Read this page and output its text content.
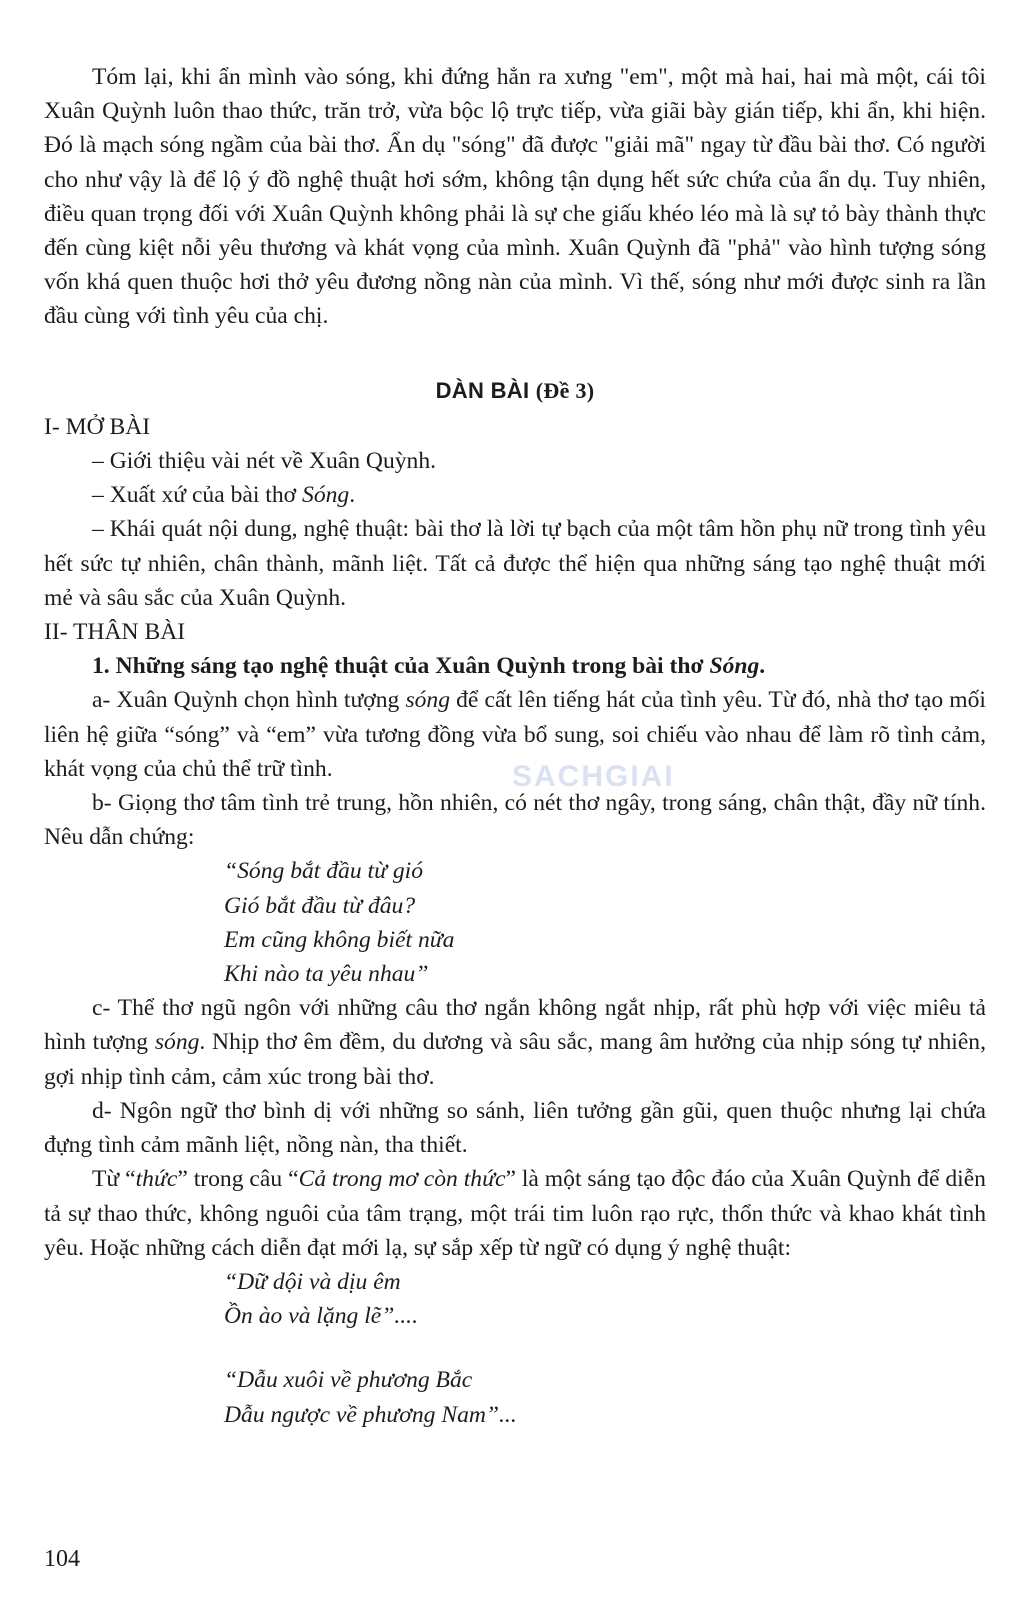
Tóm lại, khi ẩn mình vào sóng, khi đứng hẳn ra xưng "em", một mà hai, hai mà một, cái tôi Xuân Quỳnh luôn thao thức, trăn trở, vừa bộc lộ trực tiếp, vừa giãi bày gián tiếp, khi ẩn, khi hiện. Đó là mạch sóng ngầm của bài thơ. Ẩn dụ "sóng" đã được "giải mã" ngay từ đầu bài thơ. Có người cho như vậy là để lộ ý đồ nghệ thuật hơi sớm, không tận dụng hết sức chứa của ẩn dụ. Tuy nhiên, điều quan trọng đối với Xuân Quỳnh không phải là sự che giấu khéo léo mà là sự tỏ bày thành thực đến cùng kiệt nỗi yêu thương và khát vọng của mình. Xuân Quỳnh đã "phả" vào hình tượng sóng vốn khá quen thuộc hơi thở yêu đương nồng nàn của mình. Vì thế, sóng như mới được sinh ra lần đầu cùng với tình yêu của chị.

DÀN BÀI (Đề 3)

I- MỞ BÀI

– Giới thiệu vài nét về Xuân Quỳnh.

– Xuất xứ của bài thơ Sóng.

– Khái quát nội dung, nghệ thuật: bài thơ là lời tự bạch của một tâm hồn phụ nữ trong tình yêu hết sức tự nhiên, chân thành, mãnh liệt. Tất cả được thể hiện qua những sáng tạo nghệ thuật mới mẻ và sâu sắc của Xuân Quỳnh.

II- THÂN BÀI

1. Những sáng tạo nghệ thuật của Xuân Quỳnh trong bài thơ Sóng.

a- Xuân Quỳnh chọn hình tượng sóng để cất lên tiếng hát của tình yêu. Từ đó, nhà thơ tạo mối liên hệ giữa “sóng” và “em” vừa tương đồng vừa bổ sung, soi chiếu vào nhau để làm rõ tình cảm, khát vọng của chủ thể trữ tình.

b- Giọng thơ tâm tình trẻ trung, hồn nhiên, có nét thơ ngây, trong sáng, chân thật, đầy nữ tính. Nêu dẫn chứng:

“Sóng bắt đầu từ gió
Gió bắt đầu từ đâu?
Em cũng không biết nữa
Khi nào ta yêu nhau”

c- Thể thơ ngũ ngôn với những câu thơ ngắn không ngắt nhịp, rất phù hợp với việc miêu tả hình tượng sóng. Nhịp thơ êm đềm, du dương và sâu sắc, mang âm hưởng của nhịp sóng tự nhiên, gợi nhịp tình cảm, cảm xúc trong bài thơ.

d- Ngôn ngữ thơ bình dị với những so sánh, liên tưởng gần gũi, quen thuộc nhưng lại chứa đựng tình cảm mãnh liệt, nồng nàn, tha thiết.

Từ “thức” trong câu “Cả trong mơ còn thức” là một sáng tạo độc đáo của Xuân Quỳnh để diễn tả sự thao thức, không nguôi của tâm trạng, một trái tim luôn rạo rực, thổn thức và khao khát tình yêu. Hoặc những cách diễn đạt mới lạ, sự sắp xếp từ ngữ có dụng ý nghệ thuật:

“Dữ dội và dịu êm
Ồn ào và lặng lẽ”....
“Dẫu xuôi về phương Bắc
Dẫu ngược về phương Nam”...
SACHGIAI
104
